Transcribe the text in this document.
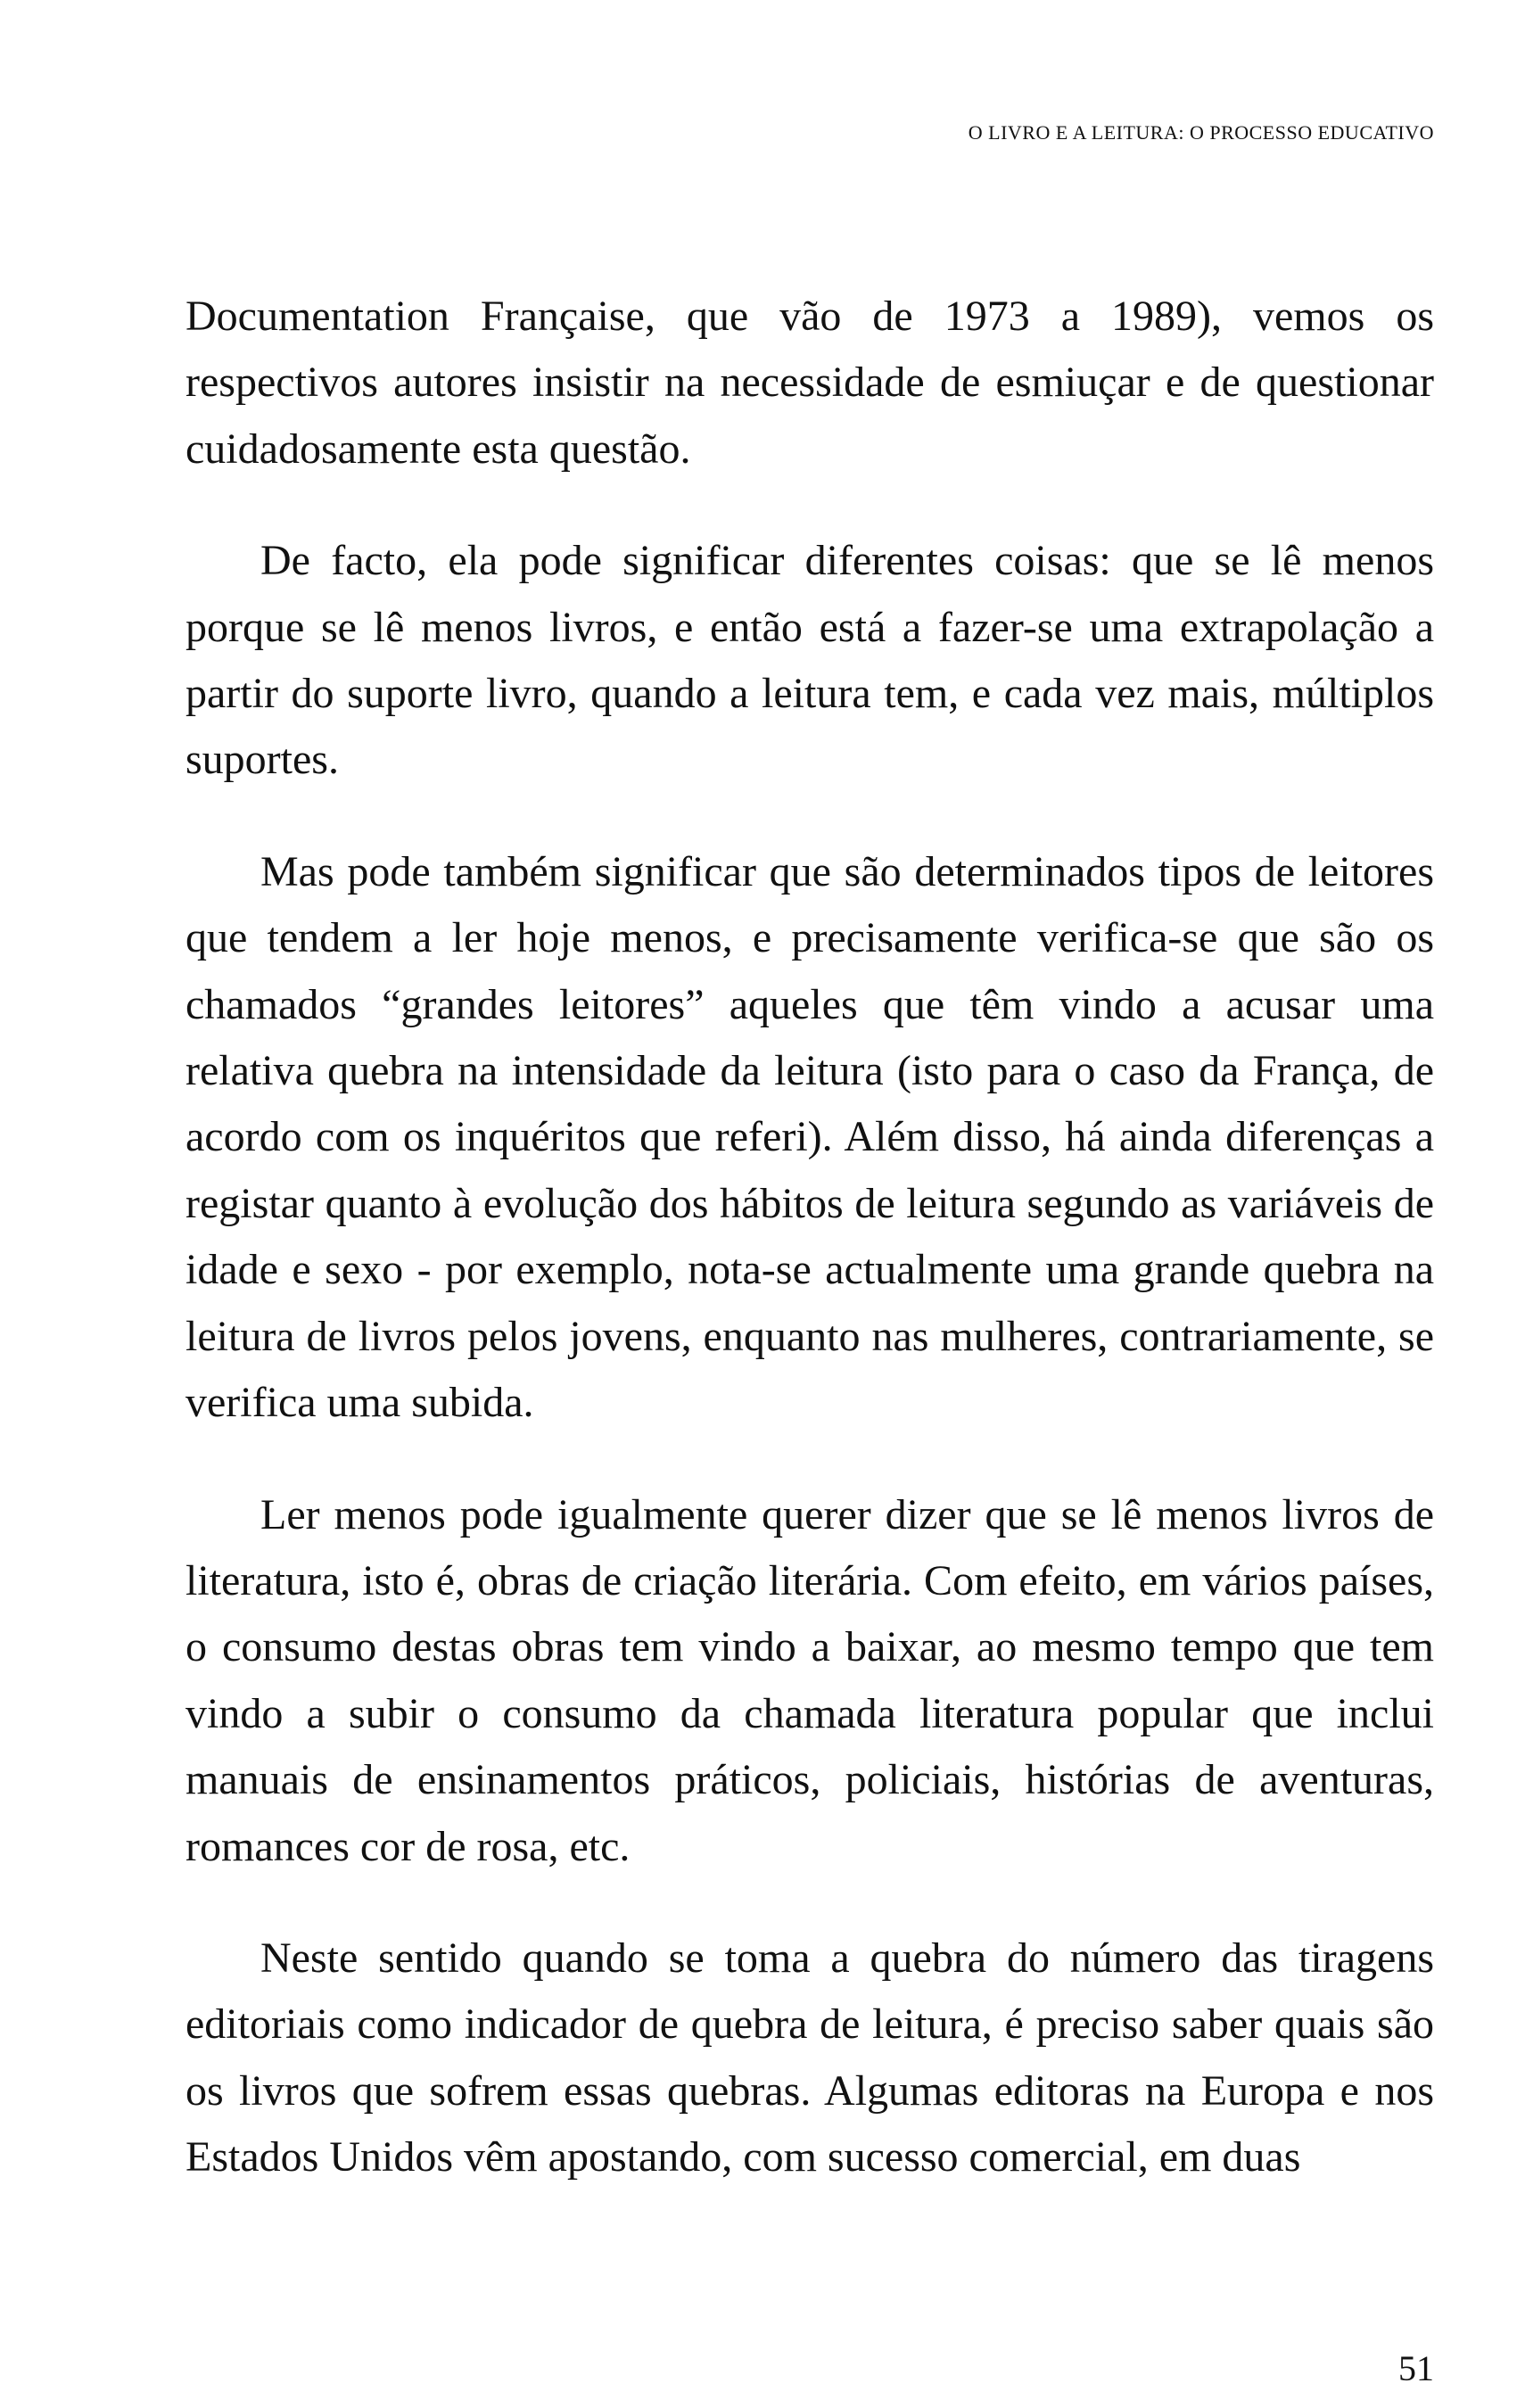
O LIVRO E A LEITURA: O PROCESSO EDUCATIVO

Documentation Française, que vão de 1973 a 1989), vemos os respectivos autores insistir na necessidade de esmiuçar e de questionar cuidadosamente esta questão.

De facto, ela pode significar diferentes coisas: que se lê menos porque se lê menos livros, e então está a fazer-se uma extrapolação a partir do suporte livro, quando a leitura tem, e cada vez mais, múltiplos suportes.

Mas pode também significar que são determinados tipos de leitores que tendem a ler hoje menos, e precisamente verifica-se que são os chamados “grandes leitores” aqueles que têm vindo a acusar uma relativa quebra na intensidade da leitura (isto para o caso da França, de acordo com os inquéritos que referi). Além disso, há ainda diferenças a registar quanto à evolução dos hábitos de leitura segundo as variáveis de idade e sexo - por exemplo, nota-se actualmente uma grande quebra na leitura de livros pelos jovens, enquanto nas mulheres, contrariamente, se verifica uma subida.

Ler menos pode igualmente querer dizer que se lê menos livros de literatura, isto é, obras de criação literária. Com efeito, em vários países, o consumo destas obras tem vindo a baixar, ao mesmo tempo que tem vindo a subir o consumo da chamada literatura popular que inclui manuais de ensinamentos práticos, policiais, histórias de aventuras, romances cor de rosa, etc.

Neste sentido quando se toma a quebra do número das tiragens editoriais como indicador de quebra de leitura, é preciso saber quais são os livros que sofrem essas quebras. Algumas editoras na Europa e nos Estados Unidos vêm apostando, com sucesso comercial, em duas

51
